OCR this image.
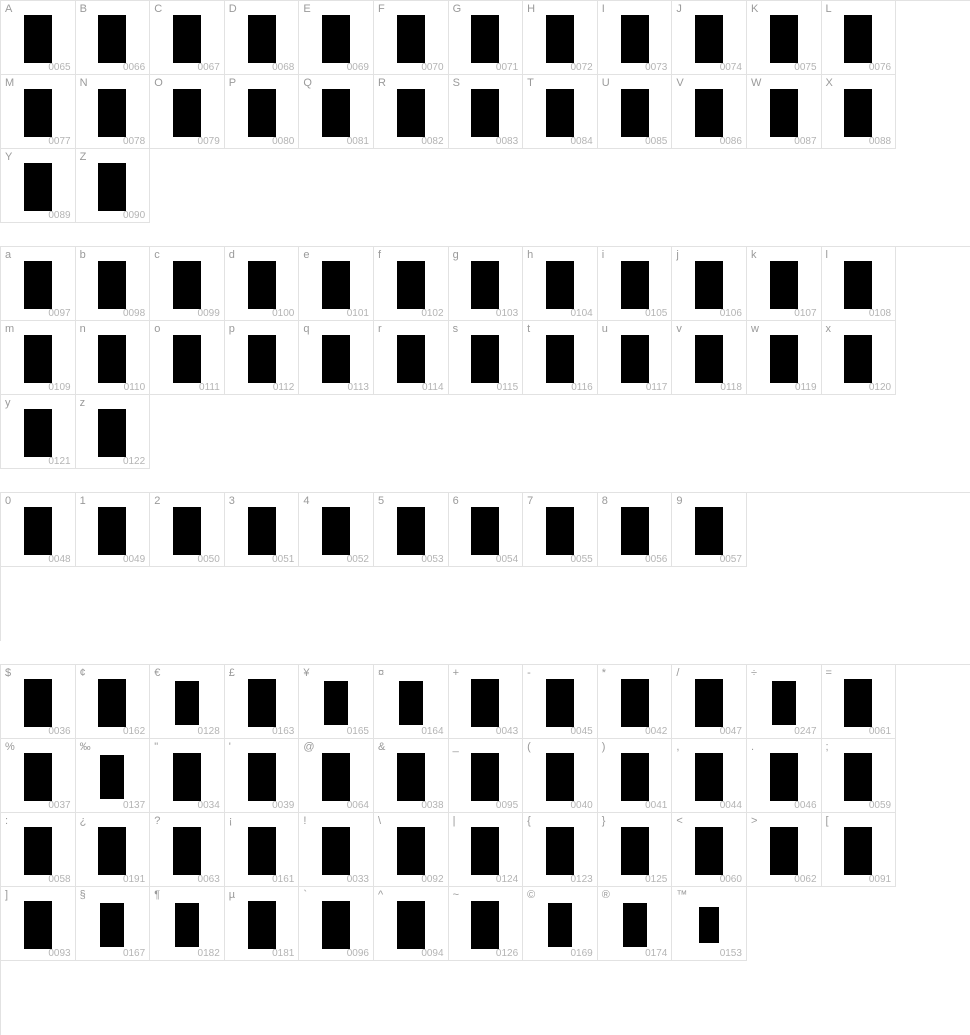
A
0065
B
0066
C
0067
D
0068
E
0069
F
0070
G
0071
H
0072
I
0073
J
0074
K
0075
L
0076
M
0077
N
0078
O
0079
P
0080
Q
0081
R
0082
S
0083
T
0084
U
0085
V
0086
W
0087
X
0088
Y
0089
Z
0090
a
0097
b
0098
c
0099
d
0100
e
0101
f
0102
g
0103
h
0104
i
0105
j
0106
k
0107
l
0108
m
0109
n
0110
o
0111
p
0112
q
0113
r
0114
s
0115
t
0116
u
0117
v
0118
w
0119
x
0120
y
0121
z
0122
0
0048
1
0049
2
0050
3
0051
4
0052
5
0053
6
0054
7
0055
8
0056
9
0057
$
0036
¢
0162
€
0128
£
0163
¥
0165
¤
0164
+
0043
-
0045
*
0042
/
0047
÷
0247
=
0061
%
0037
‰
0137
"
0034
'
0039
@
0064
&
0038
_
0095
(
0040
)
0041
,
0044
.
0046
;
0059
:
0058
¿
0191
?
0063
¡
0161
!
0033
\
0092
|
0124
{
0123
}
0125
<
0060
>
0062
[
0091
]
0093
§
0167
¶
0182
µ
0181
`
0096
^
0094
~
0126
©
0169
®
0174
™
0153
